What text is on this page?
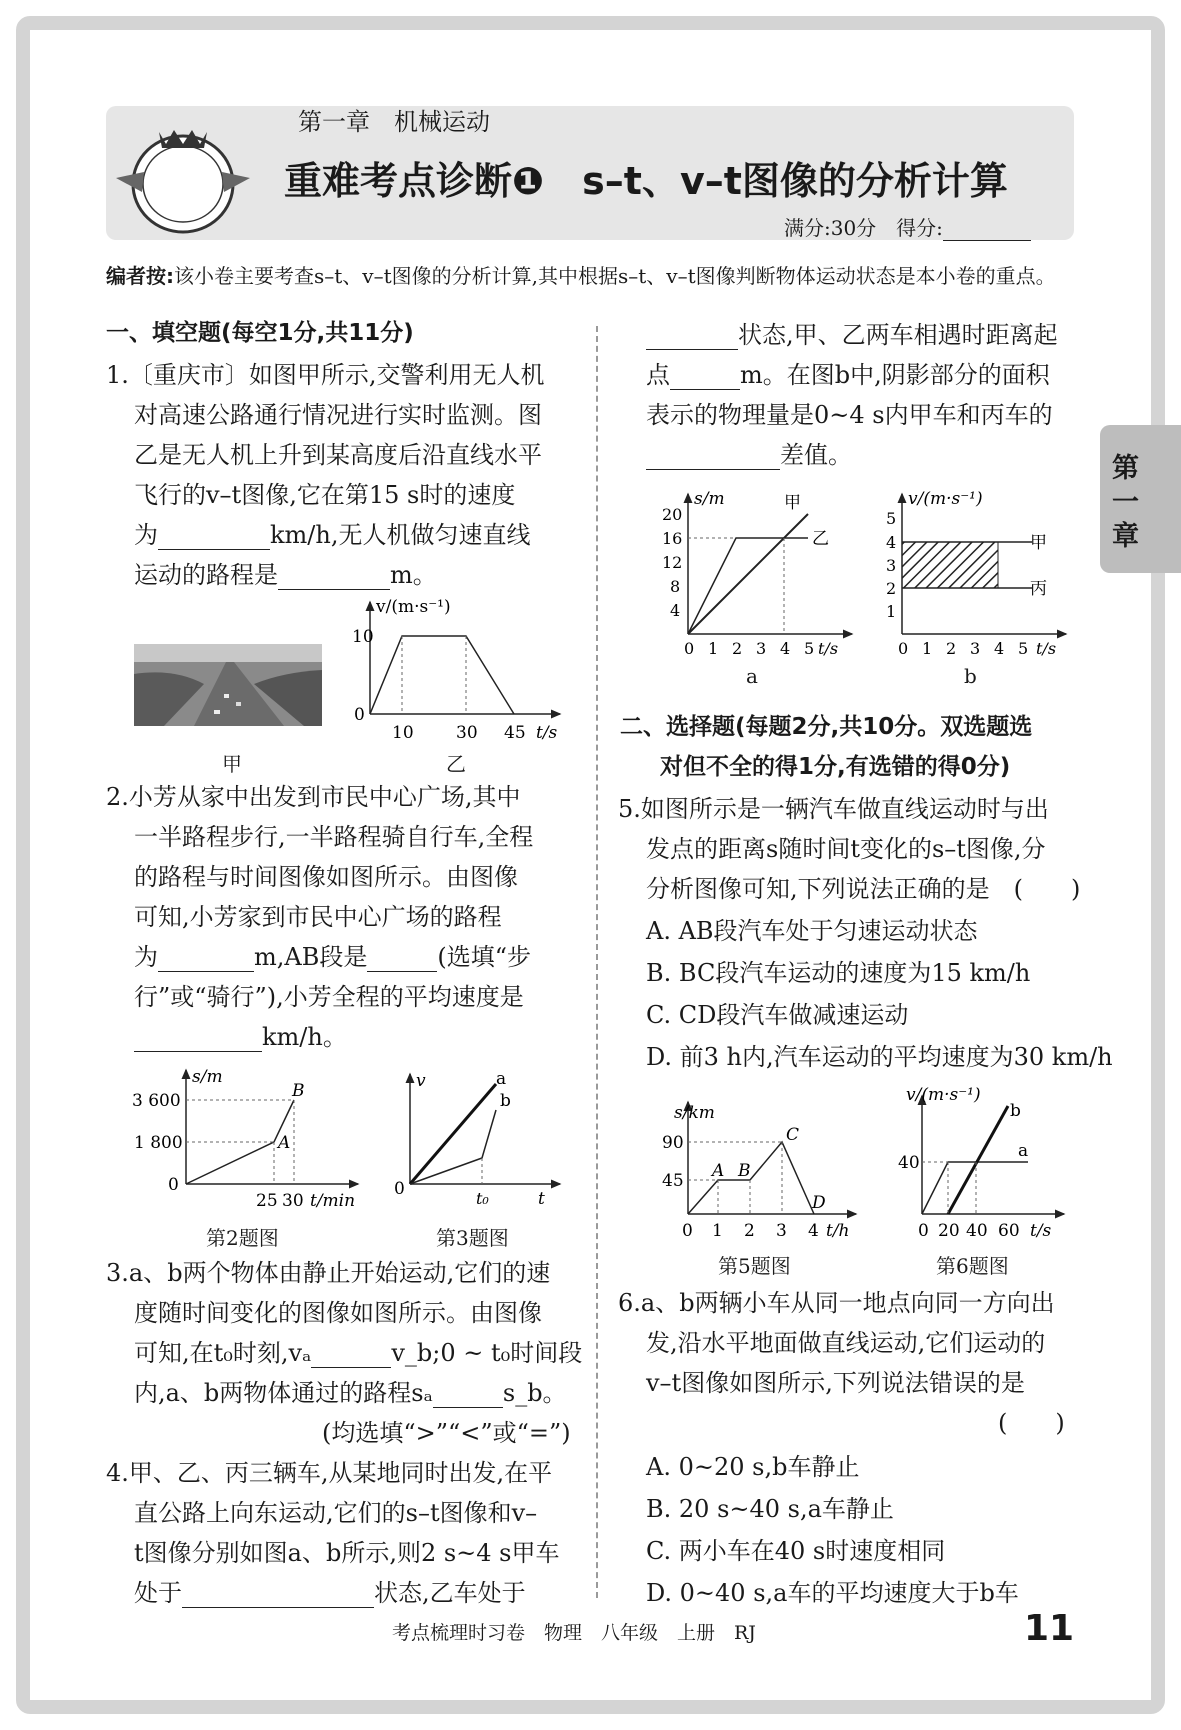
第一章　机械运动
重难考点诊断❶　s–t、v–t图像的分析计算
满分:30分　得分:
编者按:该小卷主要考查s–t、v–t图像的分析计算,其中根据s–t、v–t图像判断物体运动状态是本小卷的重点。
第一章
一、填空题(每空1分,共11分)
1.〔重庆市〕如图甲所示,交警利用无人机
对高速公路通行情况进行实时监测。图
乙是无人机上升到某高度后沿直线水平
飞行的v–t图像,它在第15 s时的速度
为	km/h,无人机做匀速直线
运动的路程是	m。
甲
v/(m·s⁻¹)
10
0
10 30 45 t/s
乙
2.小芳从家中出发到市民中心广场,其中
一半路程步行,一半路程骑自行车,全程
的路程与时间图像如图所示。由图像
可知,小芳家到市民中心广场的路程
为	m,AB段是	(选填“步
行”或“骑行”),小芳全程的平均速度是
km/h。
s/m
3 600
1 800
0
A
B
25 30 t/min
第2题图
v
0
a
b
t₀	t
第3题图
3.a、b两个物体由静止开始运动,它们的速
度随时间变化的图像如图所示。由图像
可知,在t₀时刻,vₐ	v_b;0 ~ t₀时间段
内,a、b两物体通过的路程sₐ	s_b。
(均选填“>”“<”或“=”)
4.甲、乙、丙三辆车,从某地同时出发,在平
直公路上向东运动,它们的s–t图像和v–
t图像分别如图a、b所示,则2 s~4 s甲车
处于	状态,乙车处于
状态,甲、乙两车相遇时距离起
点	m。在图b中,阴影部分的面积
表示的物理量是0~4 s内甲车和丙车的
差值。
s/m
20
16
12
8
4
0 1 2 3 4 5 t/s
甲
乙
a
v/(m·s⁻¹)
5
4
3
2
1
0 1 2 3 4 5 t/s
甲
丙
b
二、选择题(每题2分,共10分。双选题选
对但不全的得1分,有选错的得0分)
5.如图所示是一辆汽车做直线运动时与出
发点的距离s随时间t变化的s–t图像,分
分析图像可知,下列说法正确的是　(　　)
A. AB段汽车处于匀速运动状态
B. BC段汽车运动的速度为15 km/h
C. CD段汽车做减速运动
D. 前3 h内,汽车运动的平均速度为30 km/h
s/km
90
45 A B
C
D
0 1 2 3 4 t/h
第5题图
v/(m·s⁻¹)
40
b
a
0 20 40 60 t/s
第6题图
6.a、b两辆小车从同一地点向同一方向出
发,沿水平地面做直线运动,它们运动的
v–t图像如图所示,下列说法错误的是
(　　)
A. 0~20 s,b车静止
B. 20 s~40 s,a车静止
C. 两小车在40 s时速度相同
D. 0~40 s,a车的平均速度大于b车
考点梳理时习卷　物理　八年级　上册　RJ	11
